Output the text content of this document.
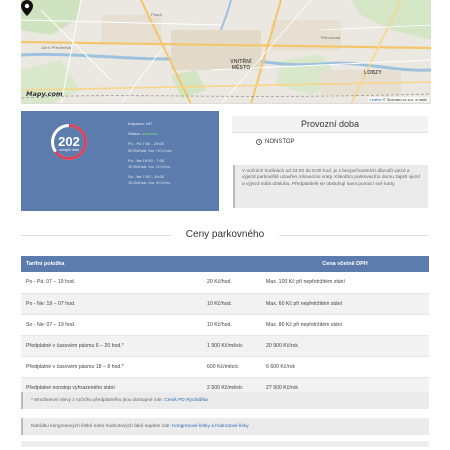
Plzeň
VNITŘNÍ MĚSTO
LOBZY
Jižní Předměstí
Petrohrad
Mapy.com
Leaflet © Seznam.cz a.s. a další
202
volných míst
Kapacita: 447
Status: otevřeno
Po - Pá 7:00 - 19:00
20 Kč/hod. Max. 100 Kč/den
Po - Ne 19:00 - 7:00
10 Kč/hod. Max. 60 Kč/noc
So - Ne 7:00 - 19:00
10 Kč/hod. Max. 80 Kč/den
Provozní doba
NONSTOP
V nočních hodinách od 23:00 do 5:00 hod. je z bezpečnostních důvodů vjezd a výjezd parkoviště uzavřen rolovacími vraty. Klientům parkovacího domu zajistí vjezd a výjezd stálá obsluha. Předplatitelé se obsluhují sami pomocí své karty.
Ceny parkovného
Tarifní položka		Cena včetně DPH
Po - Pá: 07 – 19 hod.	20 Kč/hod.	Max. 100 Kč při nepřetržitém stání
Po - Ne: 19 – 07 hod.	10 Kč/hod.	Max. 60 Kč při nepřetržitém stání
So - Ne: 07 – 19 hod.	10 Kč/hod.	Max. 80 Kč při nepřetržitém stání
Předplatné v časovém pásmu 6 – 20 hod.*	1 900 Kč/měsíc	20 900 Kč/rok
Předplatné v časovém pásmu 18 – 8 hod.*	600 Kč/měsíc	6 600 Kč/rok
Předplatné nonstop vyhrazeného stání	2 500 Kč/měsíc	27 500 Kč/rok
* Množstevní slevy z ročního předplatného jsou dostupné zde: Ceník PD Rychtářka
Nabídku kongresových lístků nebo hodnotových faků najdete zde: Kongresové lístky a hodnotové lísky
